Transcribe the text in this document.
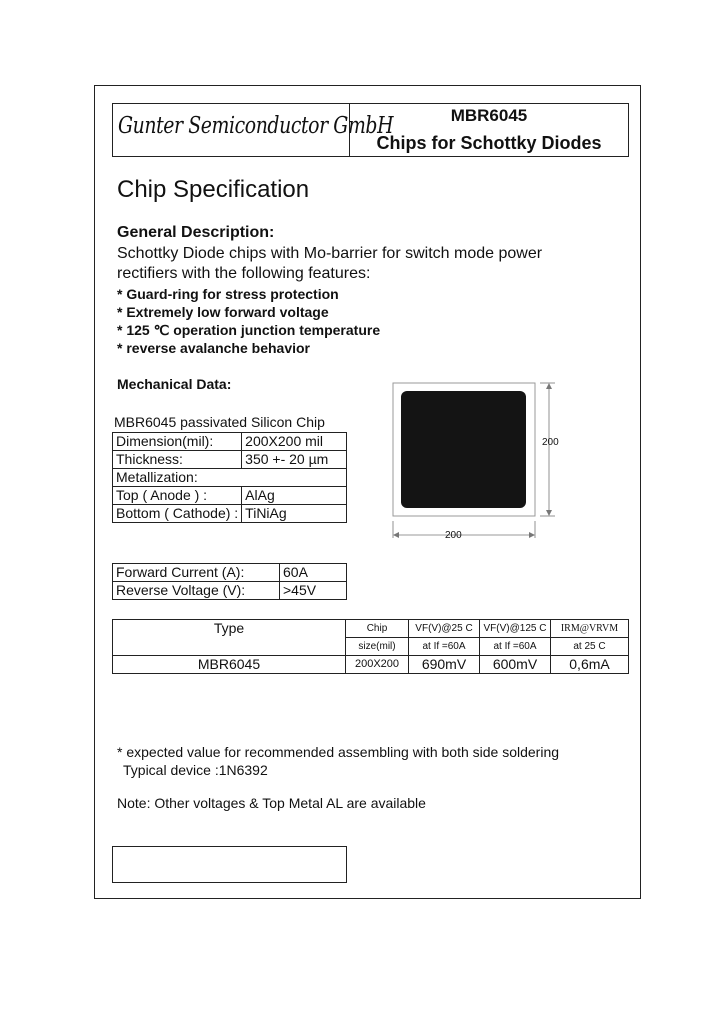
Gunter Semiconductor GmbH	MBR6045
Chips for Schottky Diodes
Chip Specification
General Description:
Schottky Diode chips with Mo-barrier for switch mode power
rectifiers with the following features:
* Guard-ring for stress protection
* Extremely low forward voltage
* 125 ℃ operation junction temperature
* reverse avalanche behavior
Mechanical Data:
MBR6045 passivated Silicon Chip
Dimension(mil):	200X200 mil
Thickness:	350 +- 20 µm
Metallization:	
Top ( Anode ) :	AlAg
Bottom ( Cathode) :	TiNiAg
200
200
Forward Current (A):	60A
Reverse Voltage (V):	>45V
Type	Chip	VF(V)@25 C	VF(V)@125 C	IRM@VRVM
	size(mil)	at If =60A	at If =60A	at 25 C
MBR6045	200X200	690mV	600mV	0,6mA
* expected value for recommended assembling with both side soldering
Typical device :1N6392
Note: Other voltages & Top Metal AL are available
